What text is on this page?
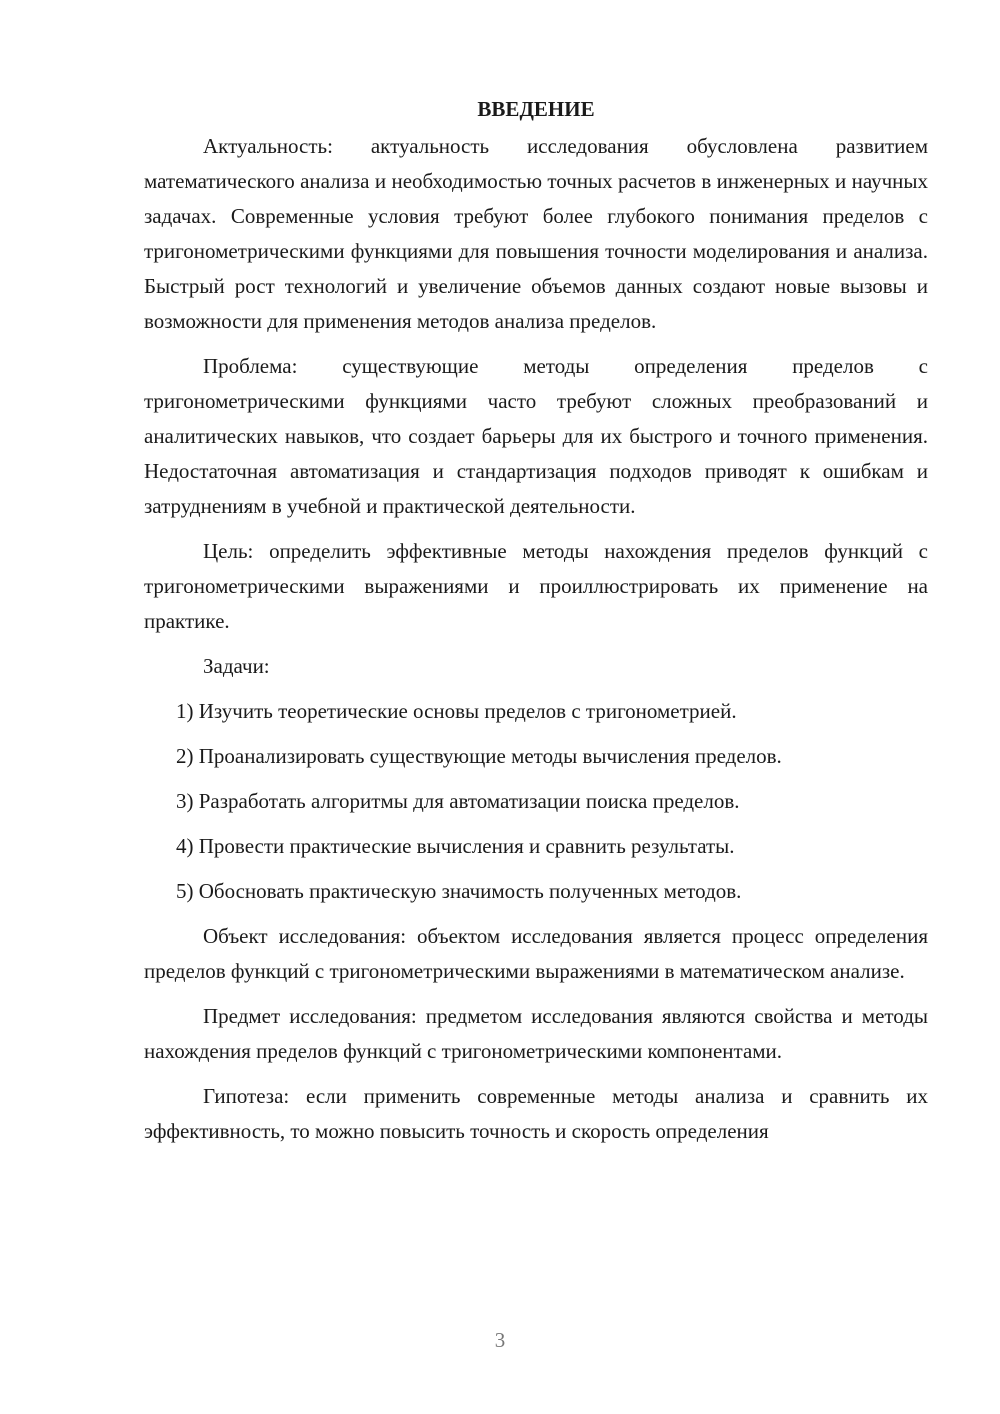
ВВЕДЕНИЕ

Актуальность: актуальность исследования обусловлена развитием математического анализа и необходимостью точных расчетов в инженерных и научных задачах. Современные условия требуют более глубокого понимания пределов с тригонометрическими функциями для повышения точности моделирования и анализа. Быстрый рост технологий и увеличение объемов данных создают новые вызовы и возможности для применения методов анализа пределов.

Проблема: существующие методы определения пределов с тригонометрическими функциями часто требуют сложных преобразований и аналитических навыков, что создает барьеры для их быстрого и точного применения. Недостаточная автоматизация и стандартизация подходов приводят к ошибкам и затруднениям в учебной и практической деятельности.

Цель: определить эффективные методы нахождения пределов функций с тригонометрическими выражениями и проиллюстрировать их применение на практике.

Задачи:

1) Изучить теоретические основы пределов с тригонометрией.

2) Проанализировать существующие методы вычисления пределов.

3) Разработать алгоритмы для автоматизации поиска пределов.

4) Провести практические вычисления и сравнить результаты.

5) Обосновать практическую значимость полученных методов.

Объект исследования: объектом исследования является процесс определения пределов функций с тригонометрическими выражениями в математическом анализе.

Предмет исследования: предметом исследования являются свойства и методы нахождения пределов функций с тригонометрическими компонентами.

Гипотеза: если применить современные методы анализа и сравнить их эффективность, то можно повысить точность и скорость определения

3
